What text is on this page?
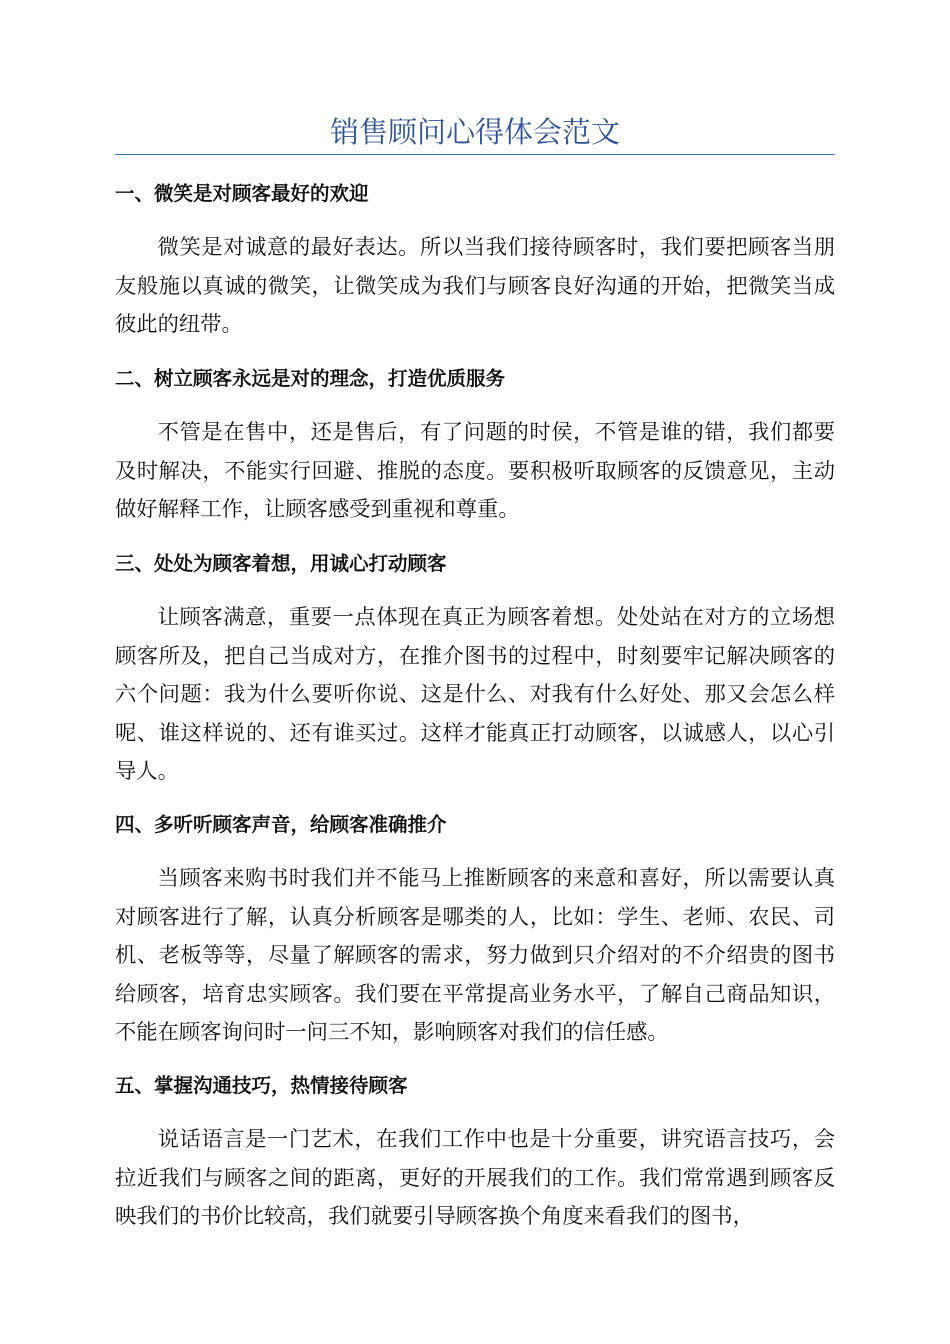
销售顾问心得体会范文
一、微笑是对顾客最好的欢迎

微笑是对诚意的最好表达。所以当我们接待顾客时，我们要把顾客当朋友般施以真诚的微笑，让微笑成为我们与顾客良好沟通的开始，把微笑当成彼此的纽带。

二、树立顾客永远是对的理念，打造优质服务

不管是在售中，还是售后，有了问题的时侯，不管是谁的错，我们都要及时解决，不能实行回避、推脱的态度。要积极听取顾客的反馈意见，主动做好解释工作，让顾客感受到重视和尊重。

三、处处为顾客着想，用诚心打动顾客

让顾客满意，重要一点体现在真正为顾客着想。处处站在对方的立场想顾客所及，把自己当成对方，在推介图书的过程中，时刻要牢记解决顾客的六个问题：我为什么要听你说、这是什么、对我有什么好处、那又会怎么样呢、谁这样说的、还有谁买过。这样才能真正打动顾客，以诚感人，以心引导人。

四、多听听顾客声音，给顾客准确推介

当顾客来购书时我们并不能马上推断顾客的来意和喜好，所以需要认真对顾客进行了解，认真分析顾客是哪类的人，比如：学生、老师、农民、司机、老板等等，尽量了解顾客的需求，努力做到只介绍对的不介绍贵的图书给顾客，培育忠实顾客。我们要在平常提高业务水平，了解自己商品知识，不能在顾客询问时一问三不知，影响顾客对我们的信任感。

五、掌握沟通技巧，热情接待顾客

说话语言是一门艺术，在我们工作中也是十分重要，讲究语言技巧，会拉近我们与顾客之间的距离，更好的开展我们的工作。我们常常遇到顾客反映我们的书价比较高，我们就要引导顾客换个角度来看我们的图书，
